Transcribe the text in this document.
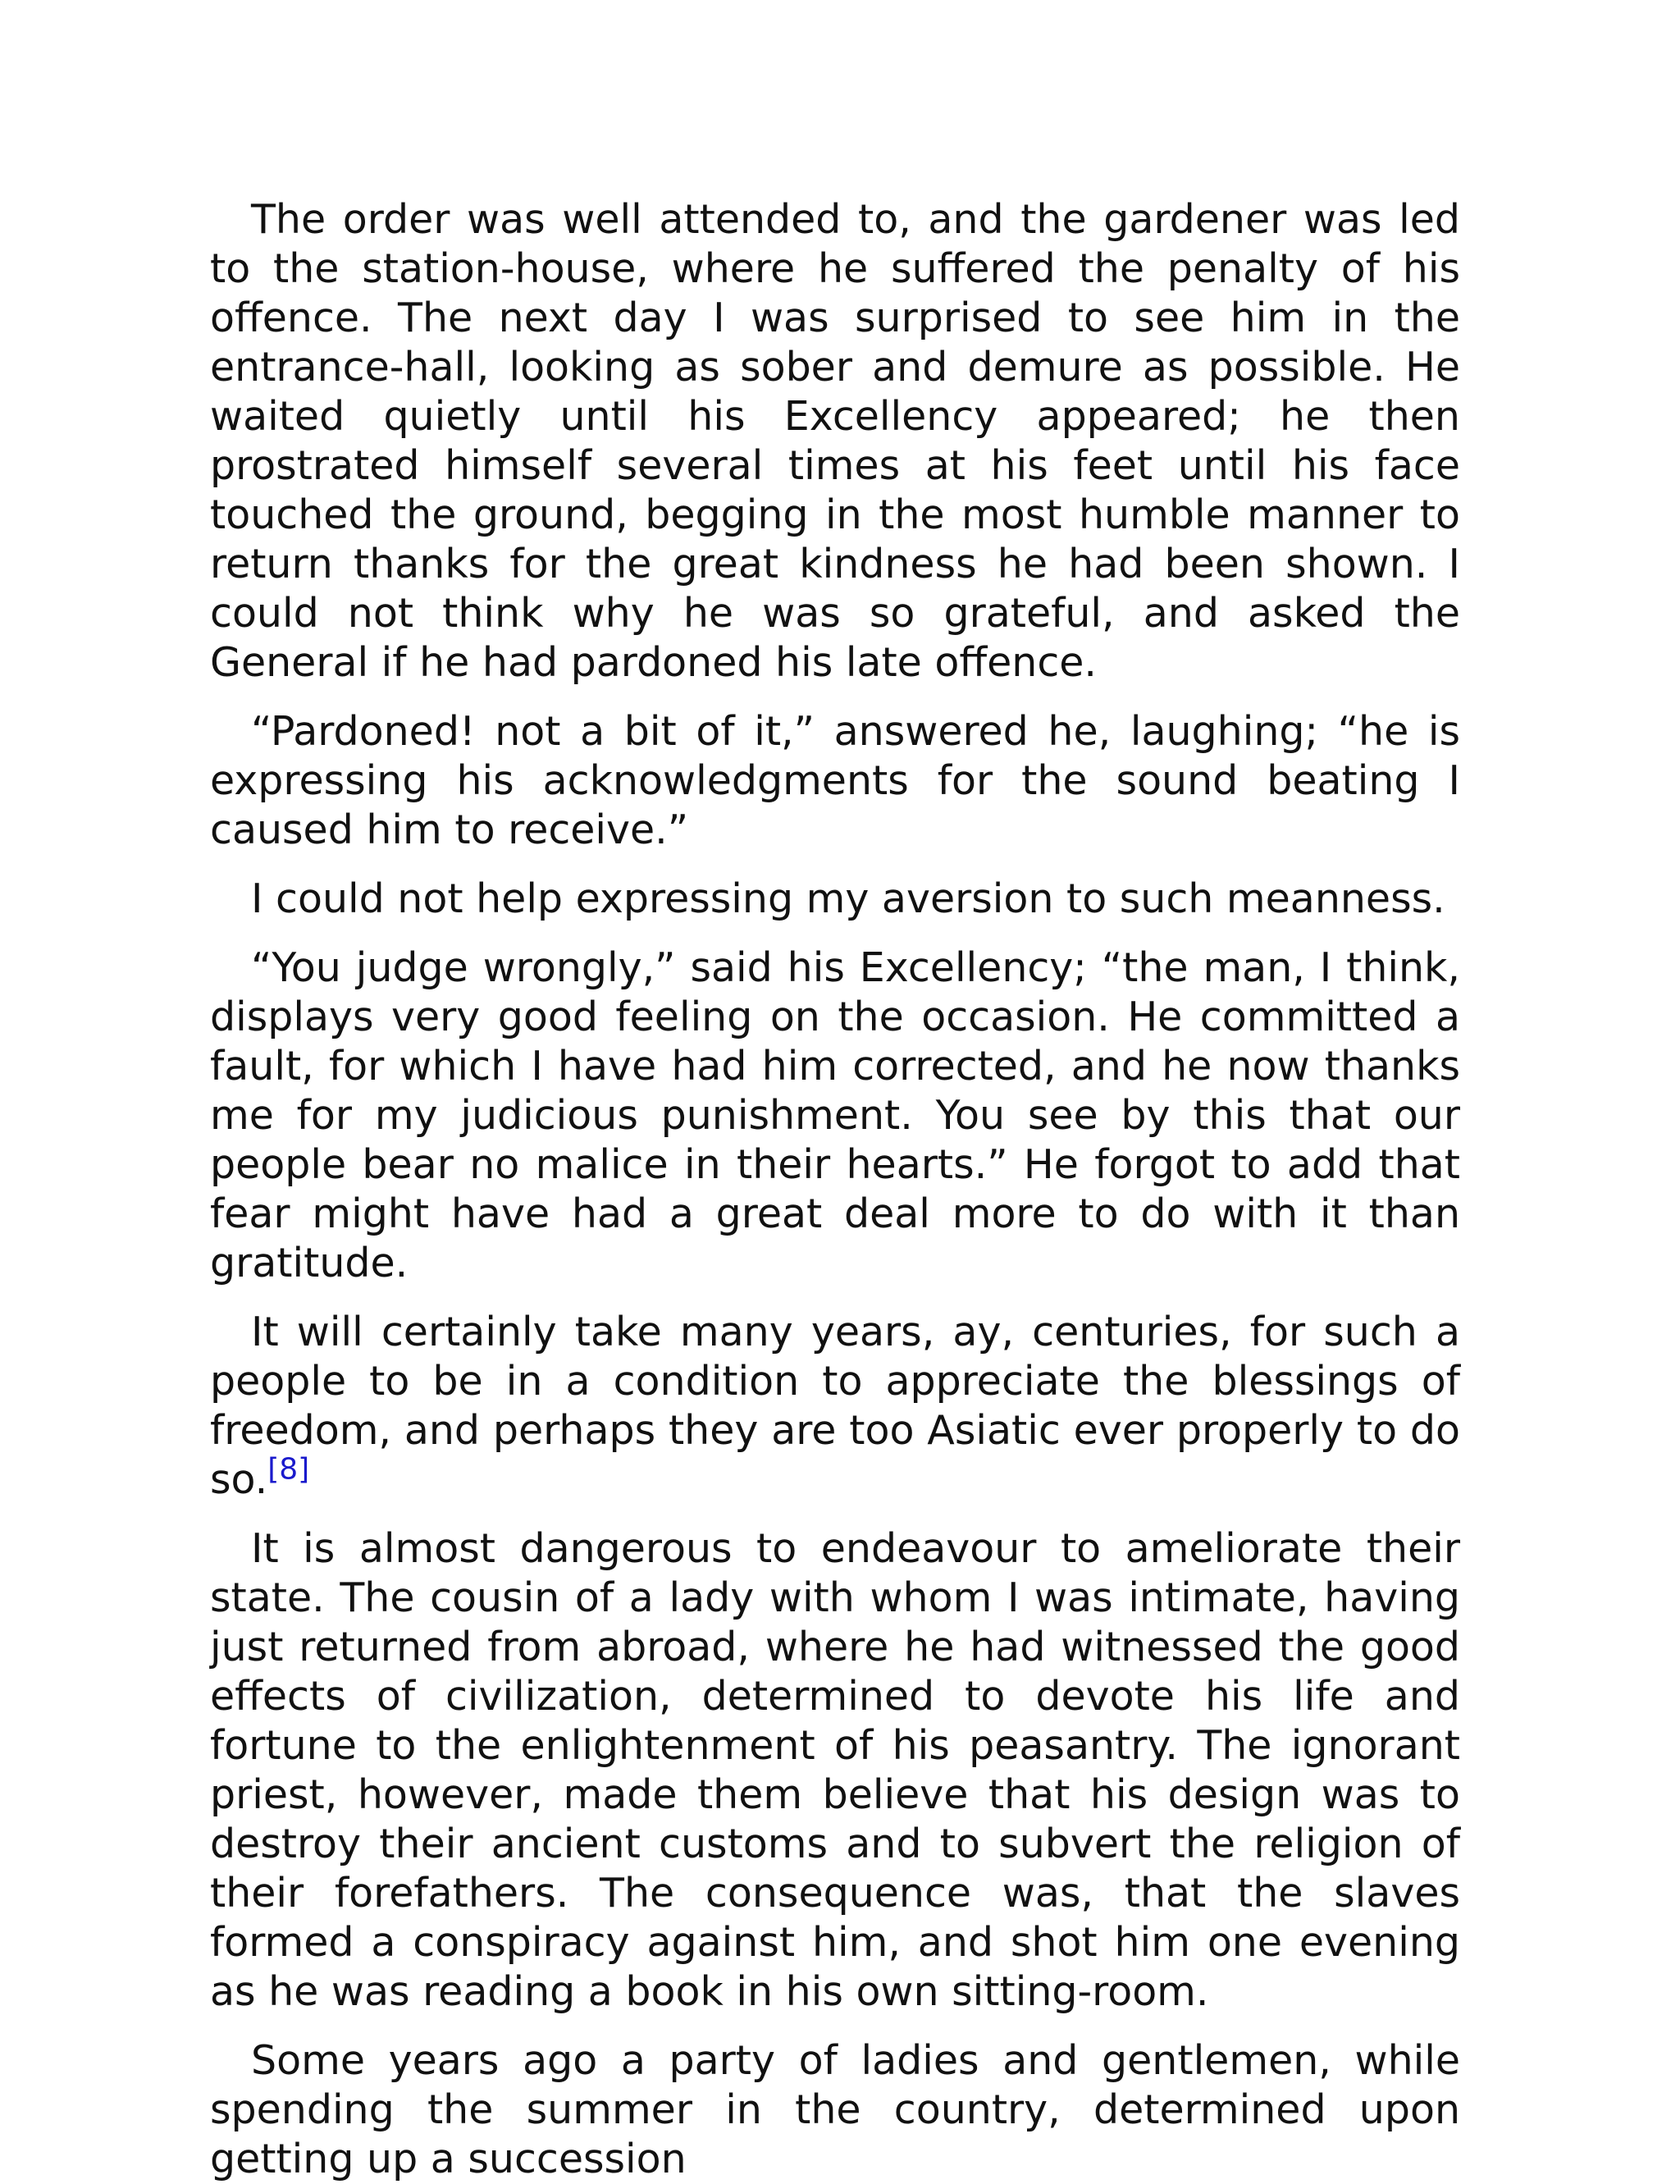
The order was well attended to, and the gardener was led to the station-house, where he suffered the penalty of his offence. The next day I was surprised to see him in the entrance-hall, looking as sober and demure as possible. He waited quietly until his Excellency appeared; he then prostrated himself several times at his feet until his face touched the ground, begging in the most humble manner to return thanks for the great kindness he had been shown. I could not think why he was so grateful, and asked the General if he had pardoned his late offence.

“Pardoned! not a bit of it,” answered he, laughing; “he is expressing his acknowledgments for the sound beating I caused him to receive.”

I could not help expressing my aversion to such meanness.

“You judge wrongly,” said his Excellency; “the man, I think, displays very good feeling on the occasion. He committed a fault, for which I have had him corrected, and he now thanks me for my judicious punishment. You see by this that our people bear no malice in their hearts.” He forgot to add that fear might have had a great deal more to do with it than gratitude.

It will certainly take many years, ay, centuries, for such a people to be in a condition to appreciate the blessings of freedom, and perhaps they are too Asiatic ever properly to do so.[8]

It is almost dangerous to endeavour to ameliorate their state. The cousin of a lady with whom I was intimate, having just returned from abroad, where he had witnessed the good effects of civilization, determined to devote his life and fortune to the enlightenment of his peasantry. The ignorant priest, however, made them believe that his design was to destroy their ancient customs and to subvert the religion of their forefathers. The consequence was, that the slaves formed a conspiracy against him, and shot him one evening as he was reading a book in his own sitting-room.

Some years ago a party of ladies and gentlemen, while spending the summer in the country, determined upon getting up a succession
